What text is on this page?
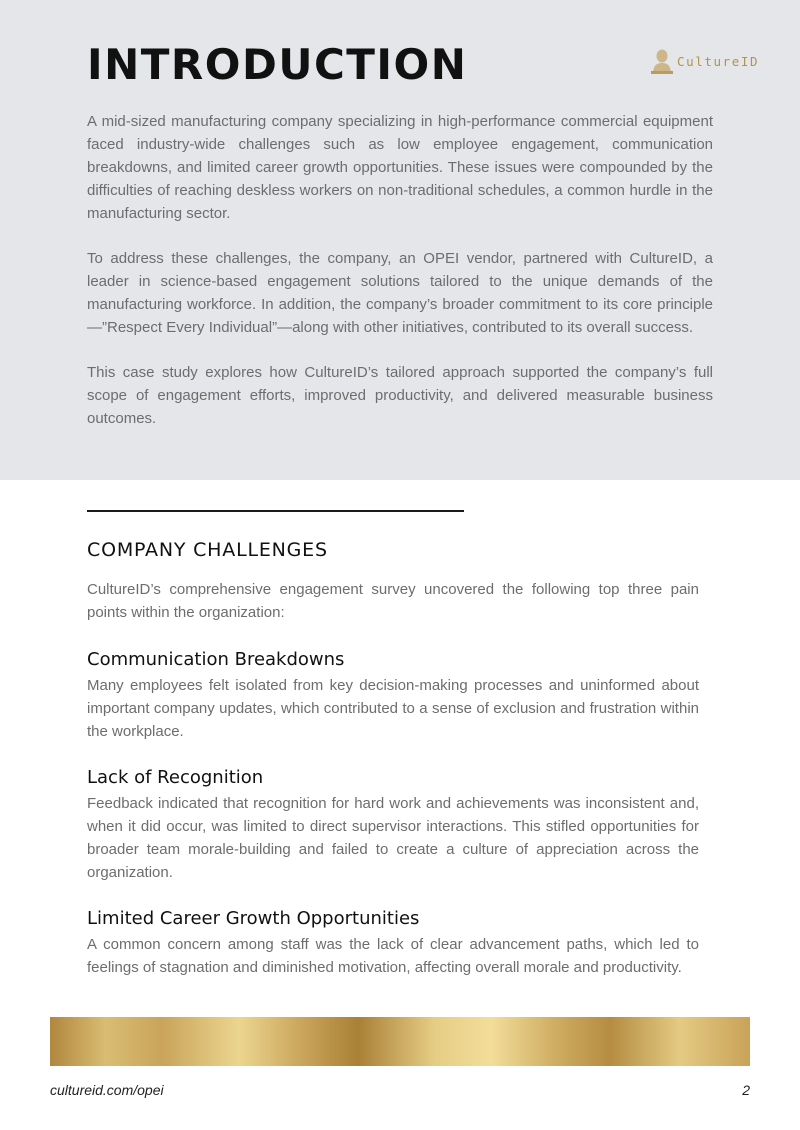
INTRODUCTION	CultureID

A mid-sized manufacturing company specializing in high-performance commercial equipment faced industry-wide challenges such as low employee engagement, communication breakdowns, and limited career growth opportunities. These issues were compounded by the difficulties of reaching deskless workers on non-traditional schedules, a common hurdle in the manufacturing sector.

To address these challenges, the company, an OPEI vendor, partnered with CultureID, a leader in science-based engagement solutions tailored to the unique demands of the manufacturing workforce. In addition, the company’s broader commitment to its core principle—”Respect Every Individual”—along with other initiatives, contributed to its overall success.

This case study explores how CultureID’s tailored approach supported the company’s full scope of engagement efforts, improved productivity, and delivered measurable business outcomes.

COMPANY CHALLENGES

CultureID’s comprehensive engagement survey uncovered the following top three pain points within the organization:

Communication Breakdowns

Many employees felt isolated from key decision-making processes and uninformed about important company updates, which contributed to a sense of exclusion and frustration within the workplace.

Lack of Recognition

Feedback indicated that recognition for hard work and achievements was inconsistent and, when it did occur, was limited to direct supervisor interactions. This stifled opportunities for broader team morale-building and failed to create a culture of appreciation across the organization.

Limited Career Growth Opportunities

A common concern among staff was the lack of clear advancement paths, which led to feelings of stagnation and diminished motivation, affecting overall morale and productivity.

cultureid.com/opei	2
